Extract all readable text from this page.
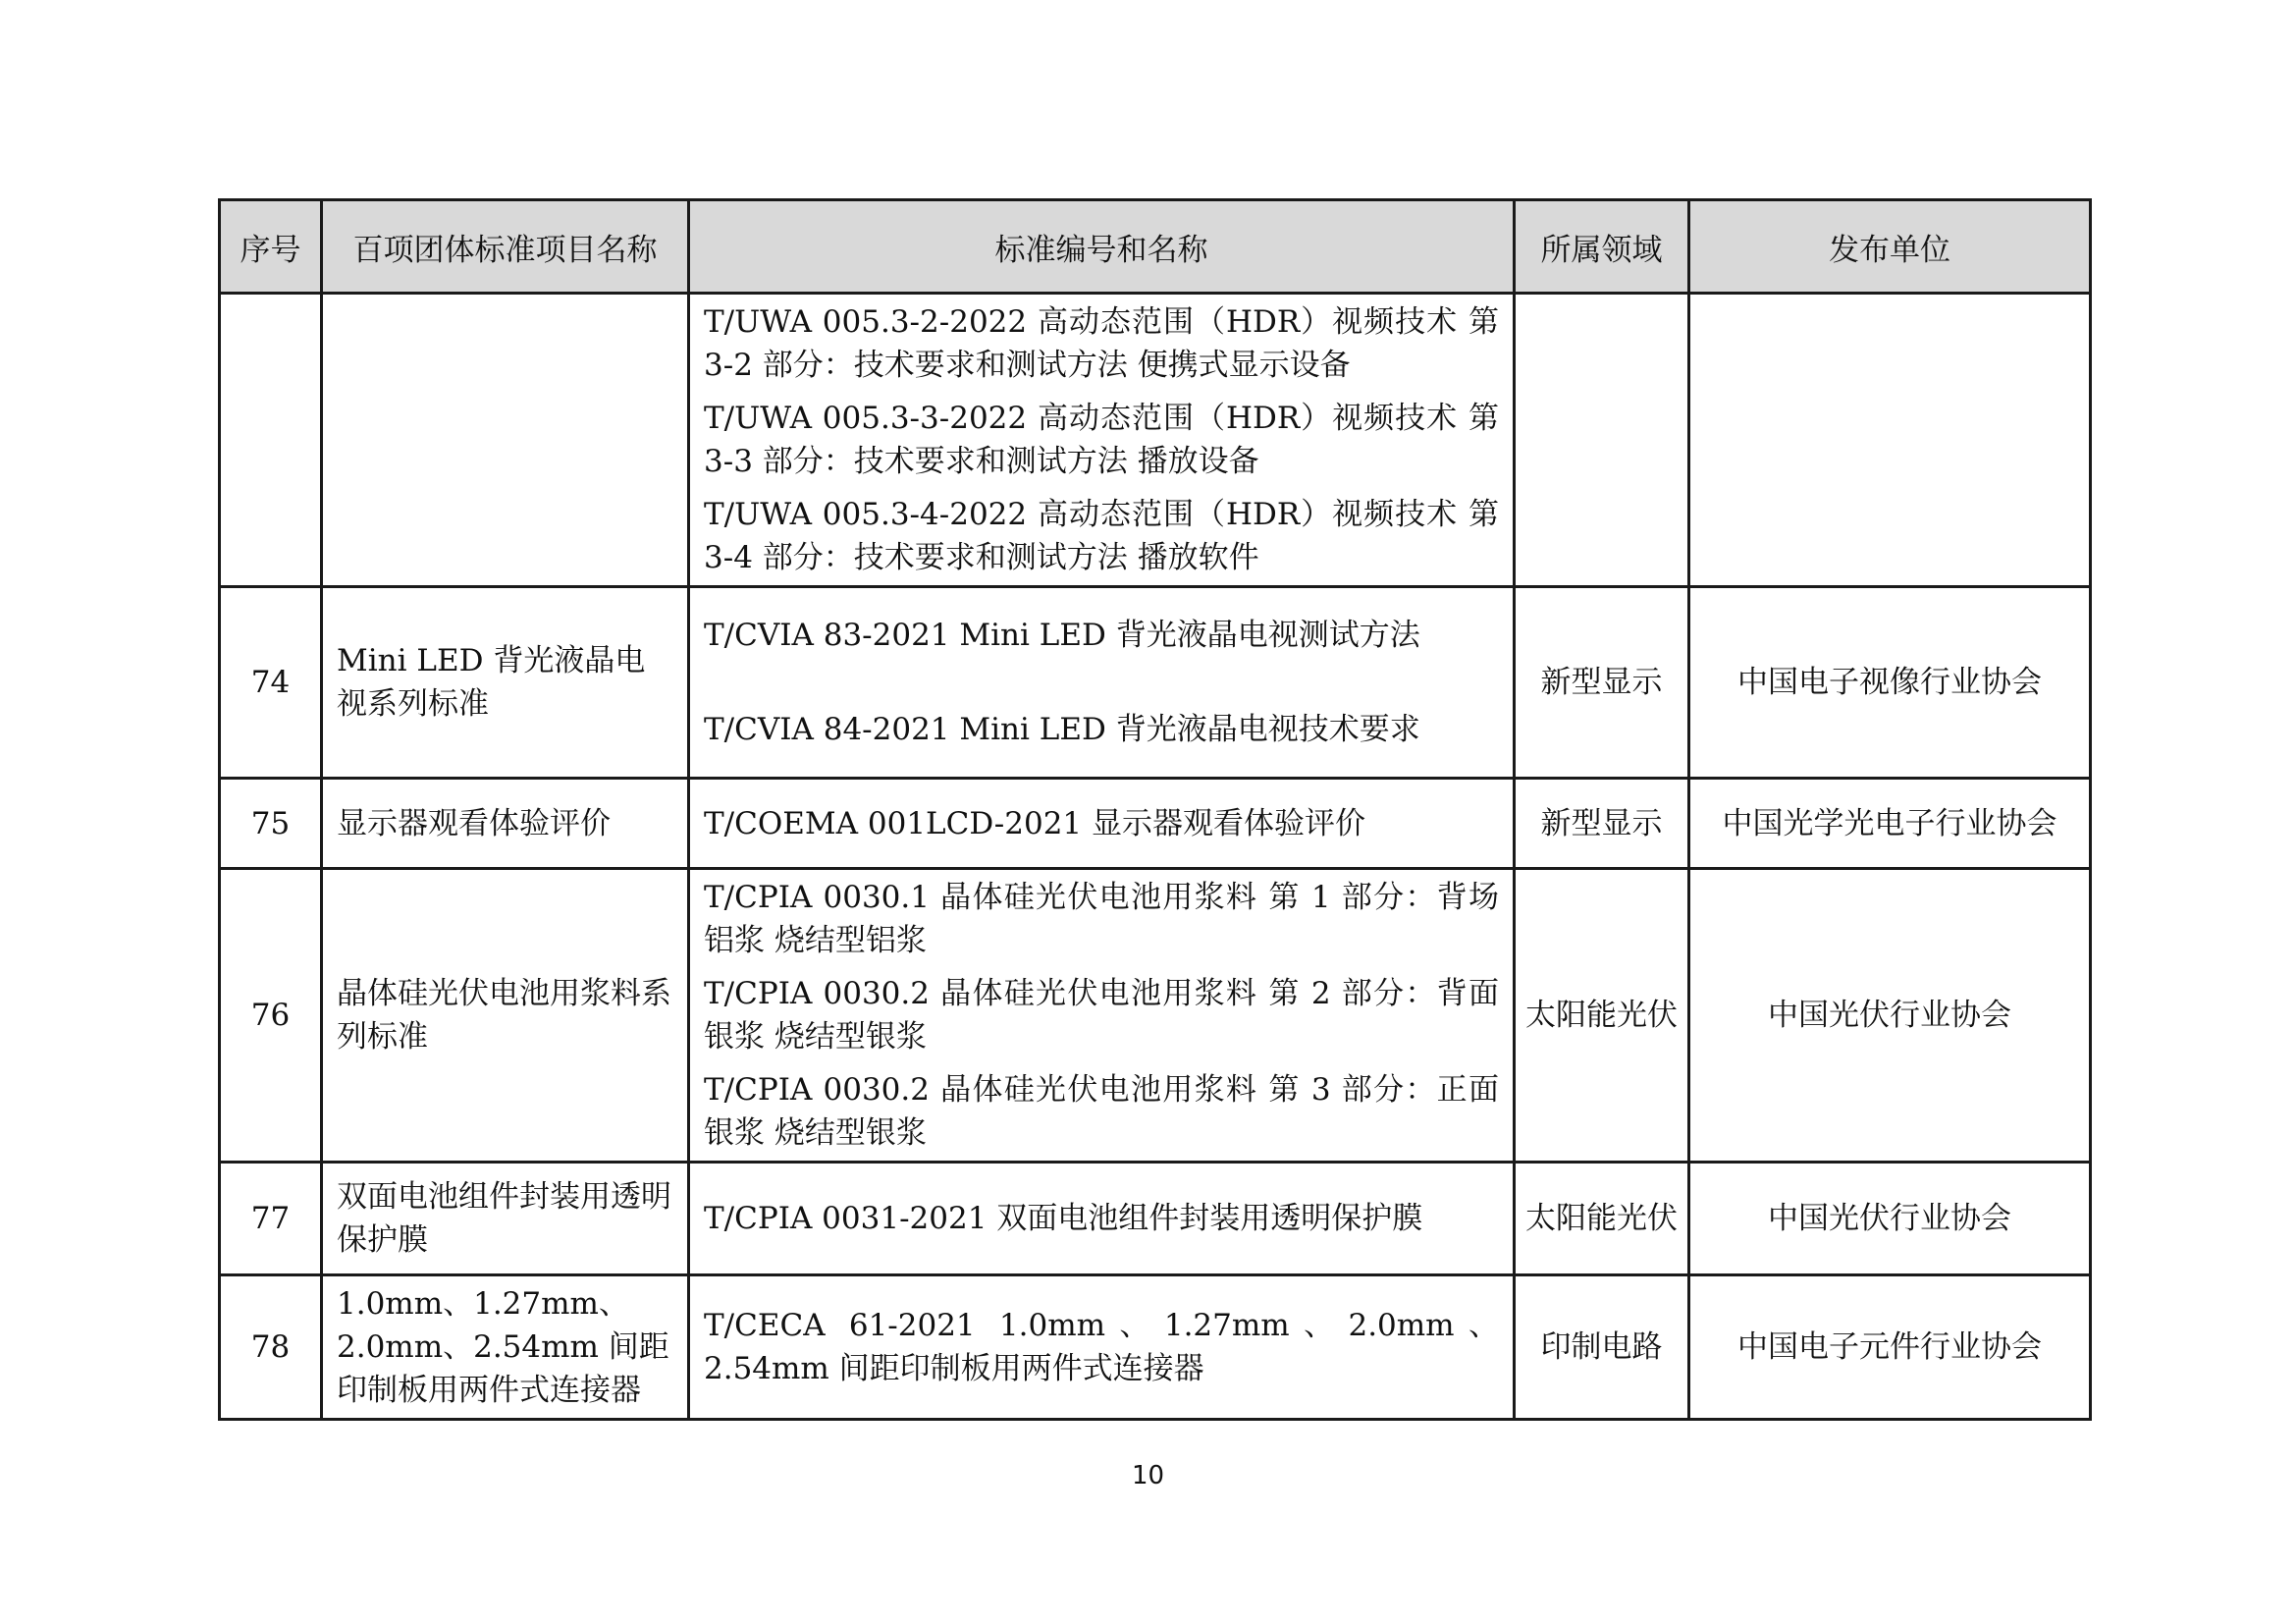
序号	百项团体标准项目名称	标准编号和名称	所属领域	发布单位

		T/UWA 005.3-2-2022 高动态范围（HDR）视频技术 第3-2 部分：技术要求和测试方法 便携式显示设备

T/UWA 005.3-3-2022 高动态范围（HDR）视频技术 第3-3 部分：技术要求和测试方法 播放设备

T/UWA 005.3-4-2022 高动态范围（HDR）视频技术 第3-4 部分：技术要求和测试方法 播放软件		

74	Mini LED 背光液晶电视系列标准	T/CVIA 83-2021 Mini LED 背光液晶电视测试方法

T/CVIA 84-2021 Mini LED 背光液晶电视技术要求	新型显示	中国电子视像行业协会
75	显示器观看体验评价	T/COEMA 001LCD-2021 显示器观看体验评价	新型显示	中国光学光电子行业协会
76	晶体硅光伏电池用浆料系列标准	T/CPIA 0030.1 晶体硅光伏电池用浆料 第 1 部分：背场铝浆 烧结型铝浆

T/CPIA 0030.2 晶体硅光伏电池用浆料 第 2 部分：背面银浆 烧结型银浆

T/CPIA 0030.2 晶体硅光伏电池用浆料 第 3 部分：正面银浆 烧结型银浆	太阳能光伏	中国光伏行业协会
77	双面电池组件封装用透明保护膜	T/CPIA 0031-2021 双面电池组件封装用透明保护膜	太阳能光伏	中国光伏行业协会
78	1.0mm、1.27mm、2.0mm、2.54mm 间距印制板用两件式连接器	T/CECA 61-2021 1.0mm、1.27mm、2.0mm、2.54mm 间距印制板用两件式连接器	印制电路	中国电子元件行业协会
10
